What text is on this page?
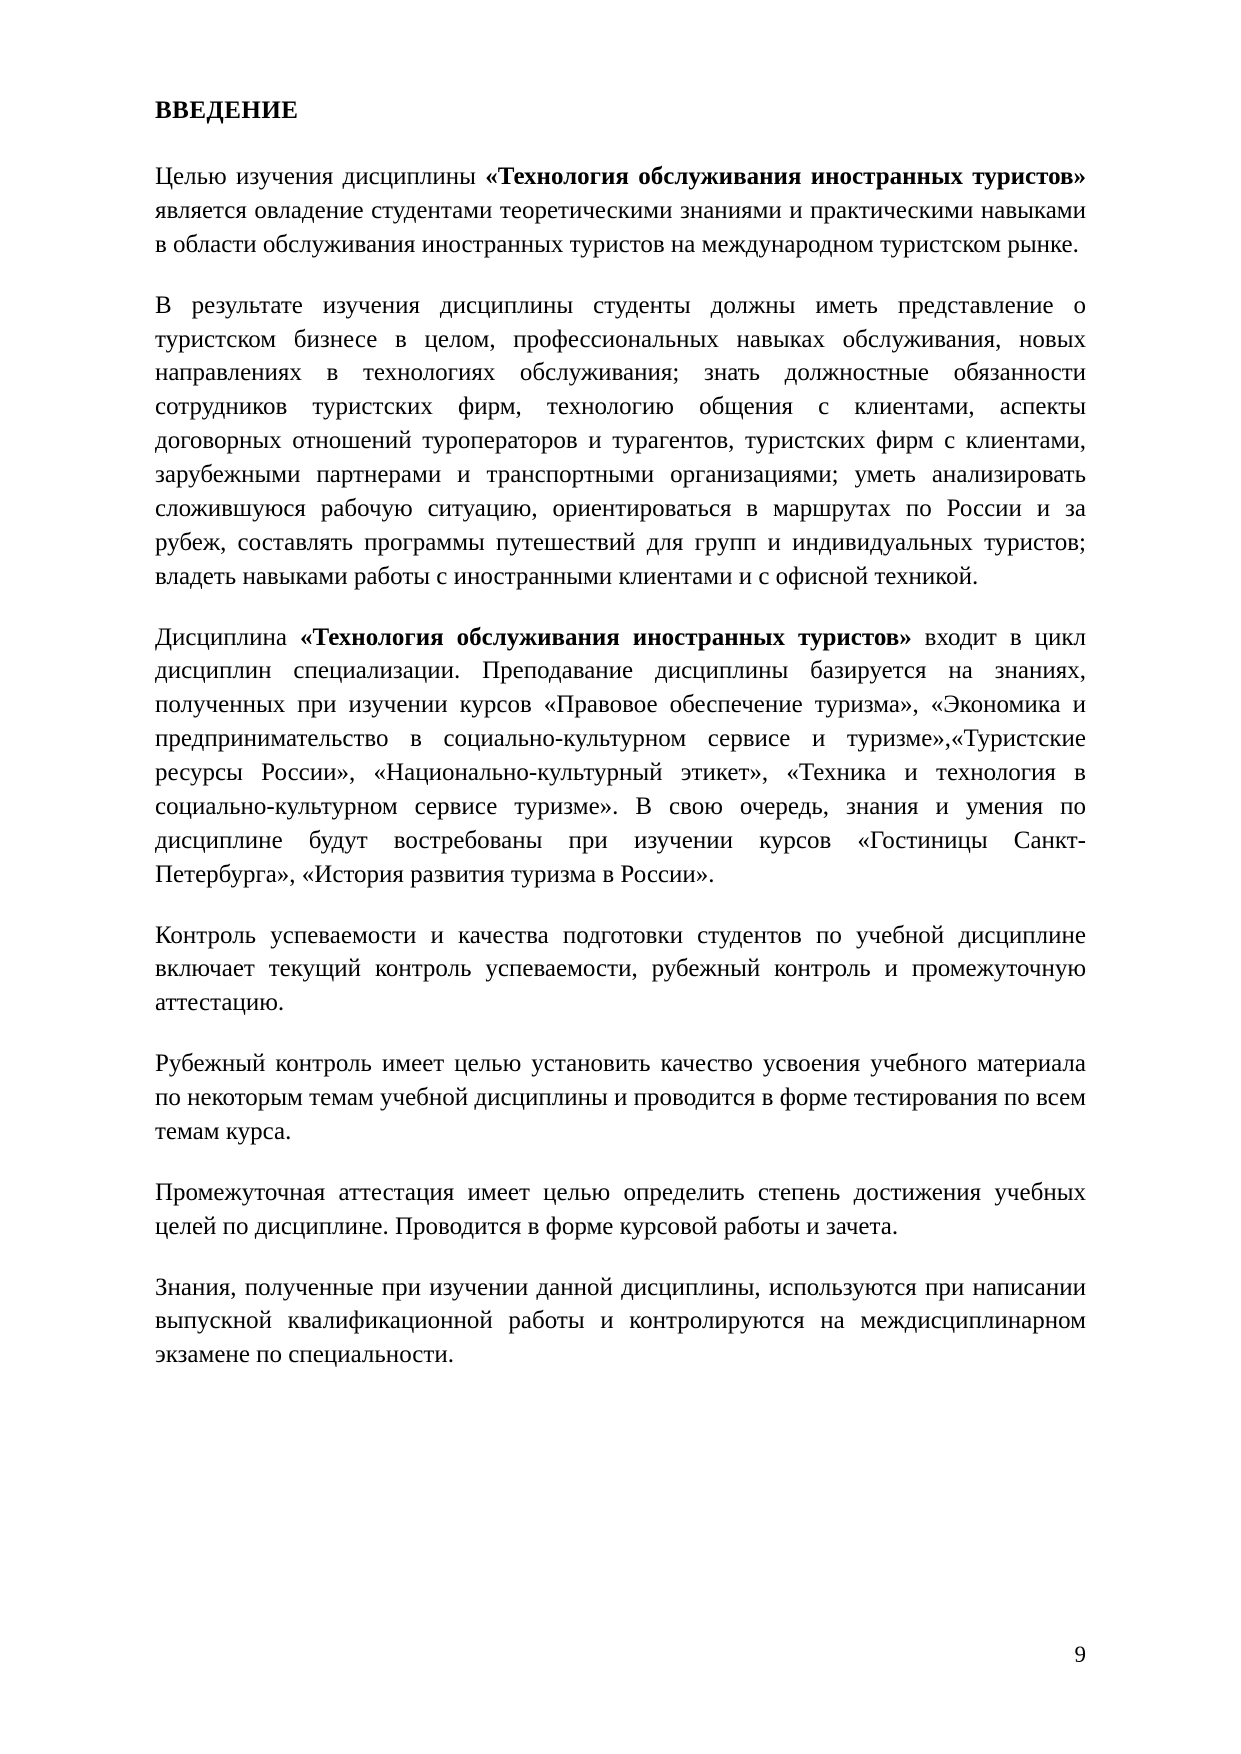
ВВЕДЕНИЕ

Целью изучения дисциплины «Технология обслуживания иностранных туристов» является овладение студентами теоретическими знаниями и практическими навыками в области обслуживания иностранных туристов на международном туристском рынке.

В результате изучения дисциплины студенты должны иметь представление о туристском бизнесе в целом, профессиональных навыках обслуживания, новых направлениях в технологиях обслуживания; знать должностные обязанности сотрудников туристских фирм, технологию общения с клиентами, аспекты договорных отношений туроператоров и турагентов, туристских фирм с клиентами, зарубежными партнерами и транспортными организациями; уметь анализировать сложившуюся рабочую ситуацию, ориентироваться в маршрутах по России и за рубеж, составлять программы путешествий для групп и индивидуальных туристов; владеть навыками работы с иностранными клиентами и с офисной техникой.

Дисциплина «Технология обслуживания иностранных туристов» входит в цикл дисциплин специализации. Преподавание дисциплины базируется на знаниях, полученных при изучении курсов «Правовое обеспечение туризма», «Экономика и предпринимательство в социально-культурном сервисе и туризме»,«Туристские ресурсы России», «Национально-культурный этикет», «Техника и технология в социально-культурном сервисе туризме». В свою очередь, знания и умения по дисциплине будут востребованы при изучении курсов «Гостиницы Санкт-Петербурга», «История развития туризма в России».

Контроль успеваемости и качества подготовки студентов по учебной дисциплине включает текущий контроль успеваемости, рубежный контроль и промежуточную аттестацию.

Рубежный контроль имеет целью установить качество усвоения учебного материала по некоторым темам учебной дисциплины и проводится в форме тестирования по всем темам курса.

Промежуточная аттестация имеет целью определить степень достижения учебных целей по дисциплине. Проводится в форме курсовой работы и зачета.

Знания, полученные при изучении данной дисциплины, используются при написании выпускной квалификационной работы и контролируются на междисциплинарном экзамене по специальности.

9
